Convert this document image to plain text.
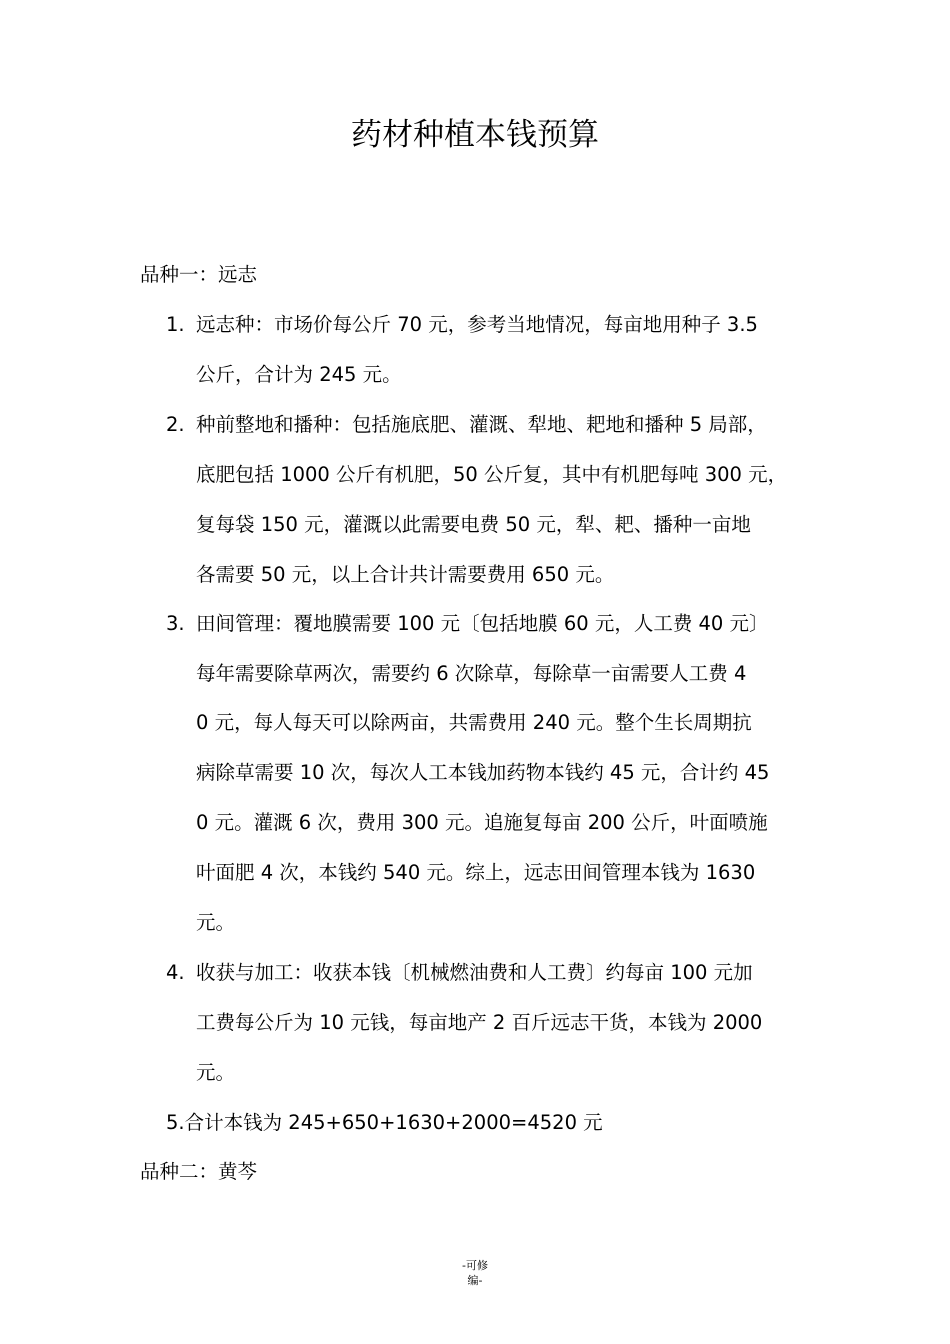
药材种植本钱预算
品种一：远志
1. 远志种：市场价每公斤 70 元，参考当地情况，每亩地用种子 3.5
公斤，合计为 245 元。
2. 种前整地和播种：包括施底肥、灌溉、犁地、耙地和播种 5 局部，
底肥包括 1000 公斤有机肥，50 公斤复，其中有机肥每吨 300 元，
复每袋 150 元，灌溉以此需要电费 50 元，犁、耙、播种一亩地
各需要 50 元，以上合计共计需要费用 650 元。
3. 田间管理：覆地膜需要 100 元〔包括地膜 60 元，人工费 40 元〕
每年需要除草两次，需要约 6 次除草，每除草一亩需要人工费 4
0 元，每人每天可以除两亩，共需费用 240 元。整个生长周期抗
病除草需要 10 次，每次人工本钱加药物本钱约 45 元，合计约 45
0 元。灌溉 6 次，费用 300 元。追施复每亩 200 公斤，叶面喷施
叶面肥 4 次，本钱约 540 元。综上，远志田间管理本钱为 1630
元。
4. 收获与加工：收获本钱〔机械燃油费和人工费〕约每亩 100 元加
工费每公斤为 10 元钱，每亩地产 2 百斤远志干货，本钱为 2000
元。
5.合计本钱为 245+650+1630+2000=4520 元
品种二：黄芩
-可修
编-
